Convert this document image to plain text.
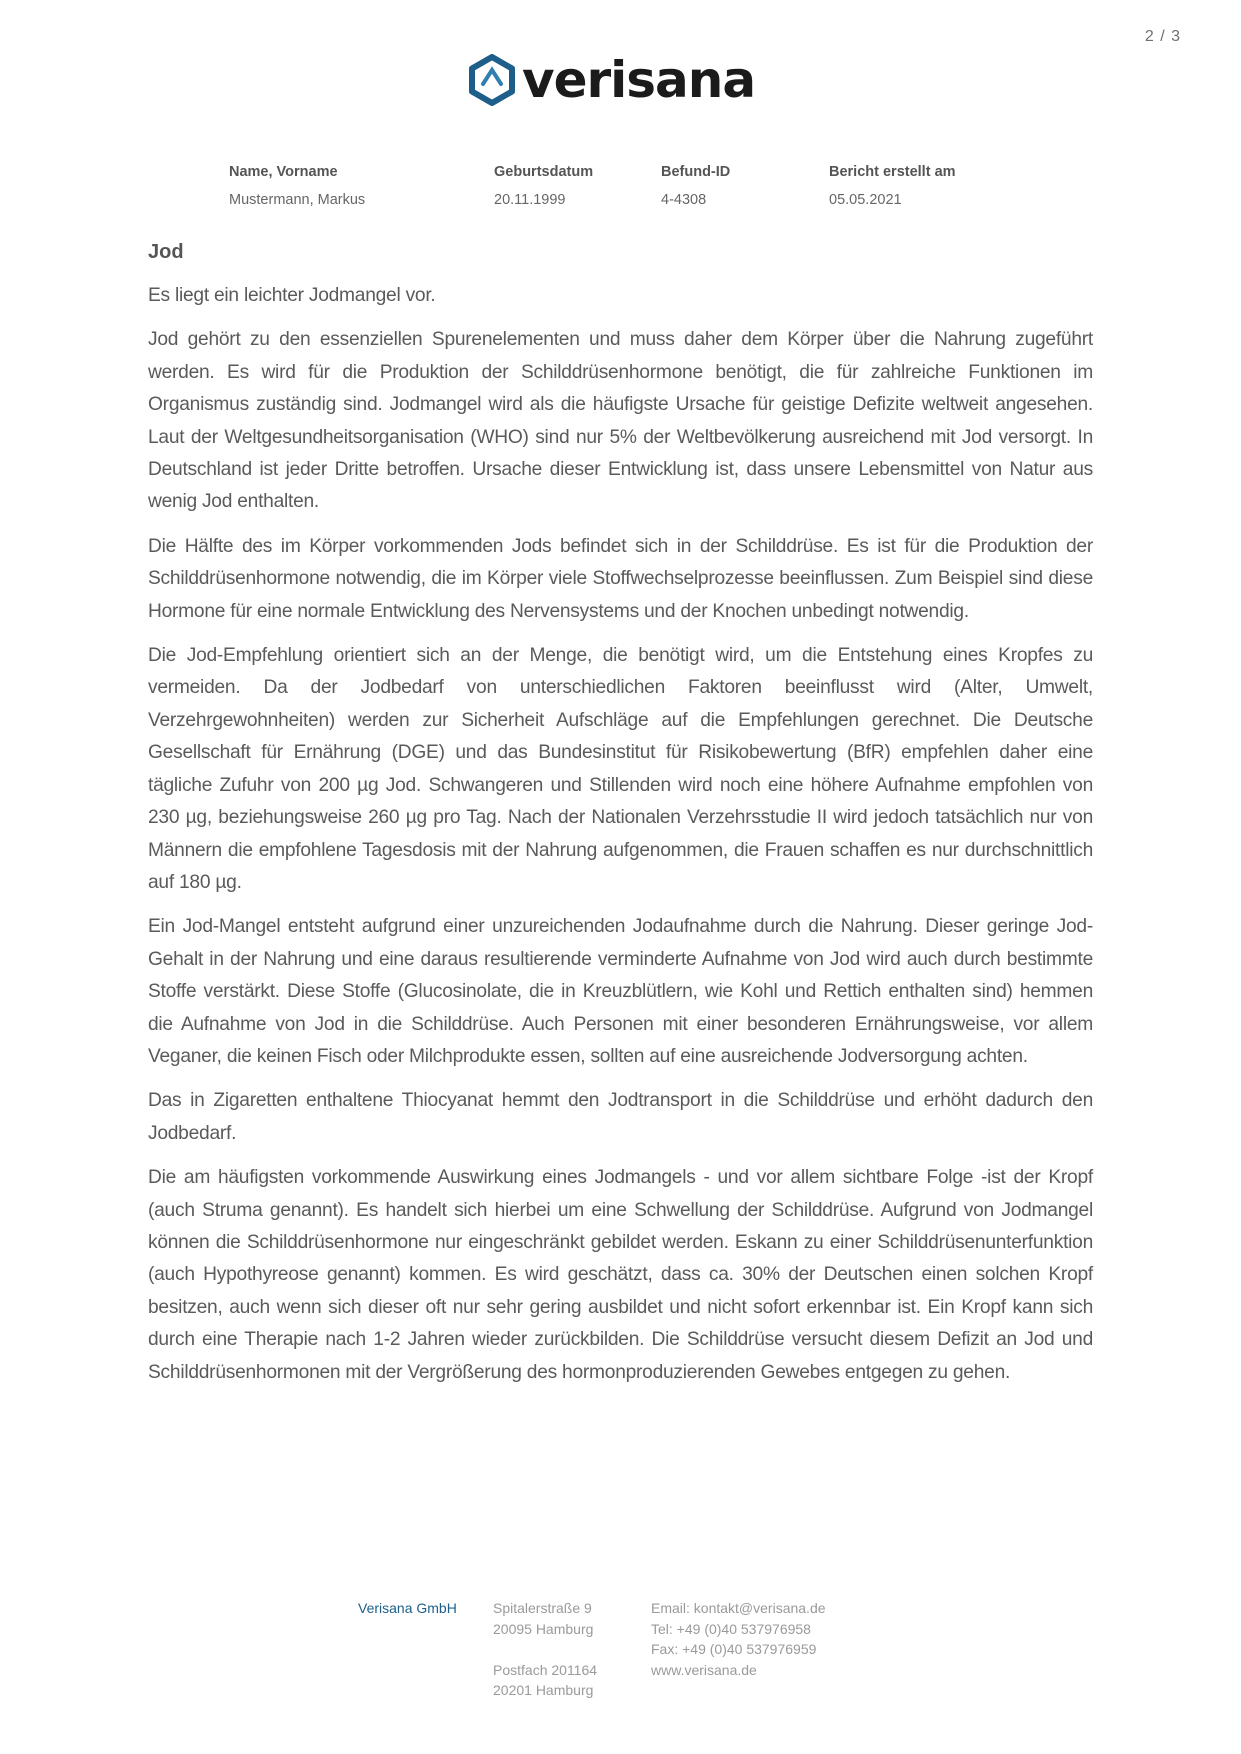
2 / 3
verisana
Name, Vorname
Mustermann, Markus
Geburtsdatum
20.11.1999
Befund-ID
4-4308
Bericht erstellt am
05.05.2021
Jod

Es liegt ein leichter Jodmangel vor.

Jod gehört zu den essenziellen Spurenelementen und muss daher dem Körper über die Nahrung zugeführt werden. Es wird für die Produktion der Schilddrüsenhormone benötigt, die für zahlreiche Funktionen im Organismus zuständig sind. Jodmangel wird als die häufigste Ursache für geistige Defizite weltweit angesehen. Laut der Weltgesundheitsorganisation (WHO) sind nur 5% der Weltbevölkerung ausreichend mit Jod versorgt. In Deutschland ist jeder Dritte betroffen. Ursache dieser Entwicklung ist, dass unsere Lebensmittel von Natur aus wenig Jod enthalten.

Die Hälfte des im Körper vorkommenden Jods befindet sich in der Schilddrüse. Es ist für die Produktion der Schilddrüsenhormone notwendig, die im Körper viele Stoffwechselprozesse beeinflussen. Zum Beispiel sind diese Hormone für eine normale Entwicklung des Nervensystems und der Knochen unbedingt notwendig.

Die Jod-Empfehlung orientiert sich an der Menge, die benötigt wird, um die Entstehung eines Kropfes zu vermeiden. Da der Jodbedarf von unterschiedlichen Faktoren beeinflusst wird (Alter, Umwelt, Verzehrgewohnheiten) werden zur Sicherheit Aufschläge auf die Empfehlungen gerechnet. Die Deutsche Gesellschaft für Ernährung (DGE) und das Bundesinstitut für Risikobewertung (BfR) empfehlen daher eine tägliche Zufuhr von 200 µg Jod. Schwangeren und Stillenden wird noch eine höhere Aufnahme empfohlen von 230 µg, beziehungsweise 260 µg pro Tag. Nach der Nationalen Verzehrsstudie II wird jedoch tatsächlich nur von Männern die empfohlene Tagesdosis mit der Nahrung aufgenommen, die Frauen schaffen es nur durchschnittlich auf 180 µg.

Ein Jod-Mangel entsteht aufgrund einer unzureichenden Jodaufnahme durch die Nahrung. Dieser geringe Jod-Gehalt in der Nahrung und eine daraus resultierende verminderte Aufnahme von Jod wird auch durch bestimmte Stoffe verstärkt. Diese Stoffe (Glucosinolate, die in Kreuzblütlern, wie Kohl und Rettich enthalten sind) hemmen die Aufnahme von Jod in die Schilddrüse. Auch Personen mit einer besonderen Ernährungsweise, vor allem Veganer, die keinen Fisch oder Milchprodukte essen, sollten auf eine ausreichende Jodversorgung achten.

Das in Zigaretten enthaltene Thiocyanat hemmt den Jodtransport in die Schilddrüse und erhöht dadurch den Jodbedarf.

Die am häufigsten vorkommende Auswirkung eines Jodmangels - und vor allem sichtbare Folge -ist der Kropf (auch Struma genannt). Es handelt sich hierbei um eine Schwellung der Schilddrüse. Aufgrund von Jodmangel können die Schilddrüsenhormone nur eingeschränkt gebildet werden. Eskann zu einer Schilddrüsenunterfunktion (auch Hypothyreose genannt) kommen. Es wird geschätzt, dass ca. 30% der Deutschen einen solchen Kropf besitzen, auch wenn sich dieser oft nur sehr gering ausbildet und nicht sofort erkennbar ist. Ein Kropf kann sich durch eine Therapie nach 1-2 Jahren wieder zurückbilden. Die Schilddrüse versucht diesem Defizit an Jod und Schilddrüsenhormonen mit der Vergrößerung des hormonproduzierenden Gewebes entgegen zu gehen.

Verisana GmbH	Spitalerstraße 9
20095 Hamburg
Postfach 201164
20201 Hamburg
Email: kontakt@verisana.de
Tel: +49 (0)40 537976958
Fax: +49 (0)40 537976959
www.verisana.de
